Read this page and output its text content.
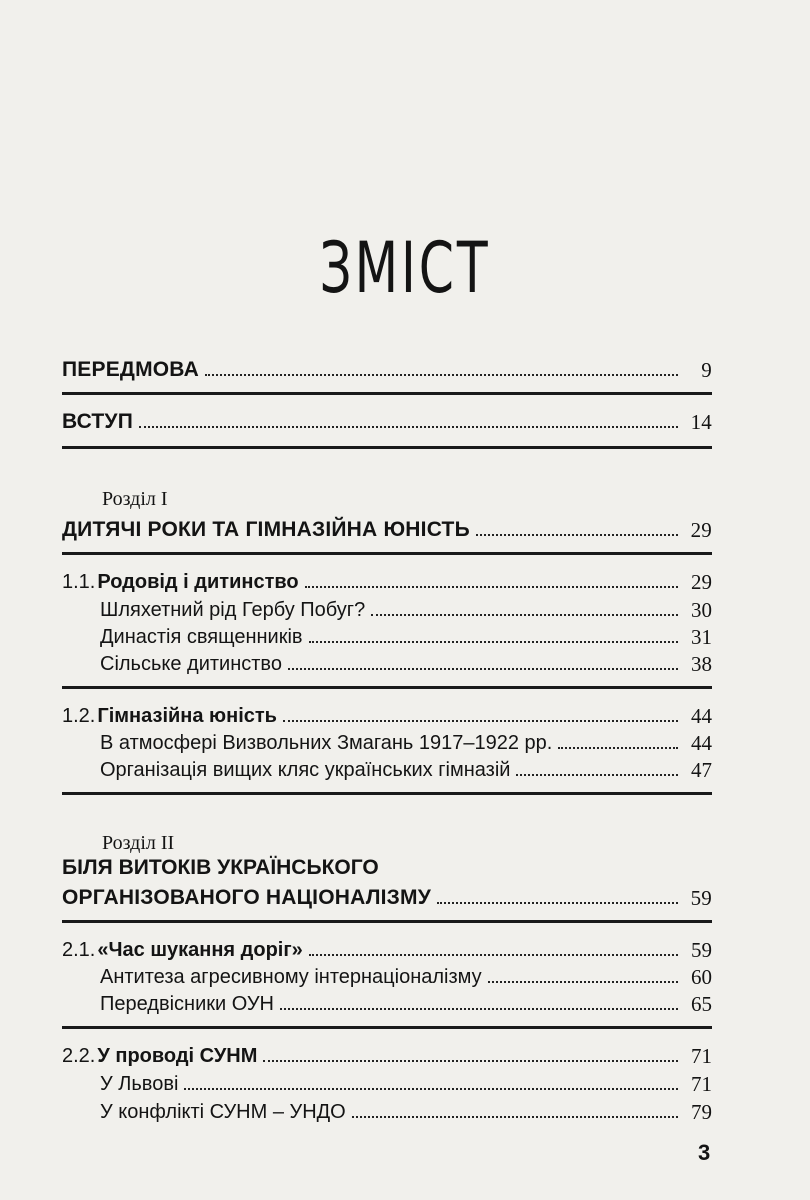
ЗМІСТ
ПЕРЕДМОВА	9
ВСТУП	14
Розділ I
ДИТЯЧІ РОКИ ТА ГІМНАЗІЙНА ЮНІСТЬ	29
1.1. Родовід і дитинство	29
Шляхетний рід Гербу Побуг?	30
Династія священників	31
Сільське дитинство	38
1.2. Гімназійна юність	44
В атмосфері Визвольних Змагань 1917–1922 рр.	44
Організація вищих кляс українських гімназій	47
Розділ II
БІЛЯ ВИТОКІВ УКРАЇНСЬКОГО
ОРГАНІЗОВАНОГО НАЦІОНАЛІЗМУ	59
2.1. «Час шукання доріг»	59
Антитеза агресивному інтернаціоналізму	60
Передвісники ОУН	65
2.2. У проводі СУНМ	71
У Львові	71
У конфлікті СУНМ – УНДО	79
3
